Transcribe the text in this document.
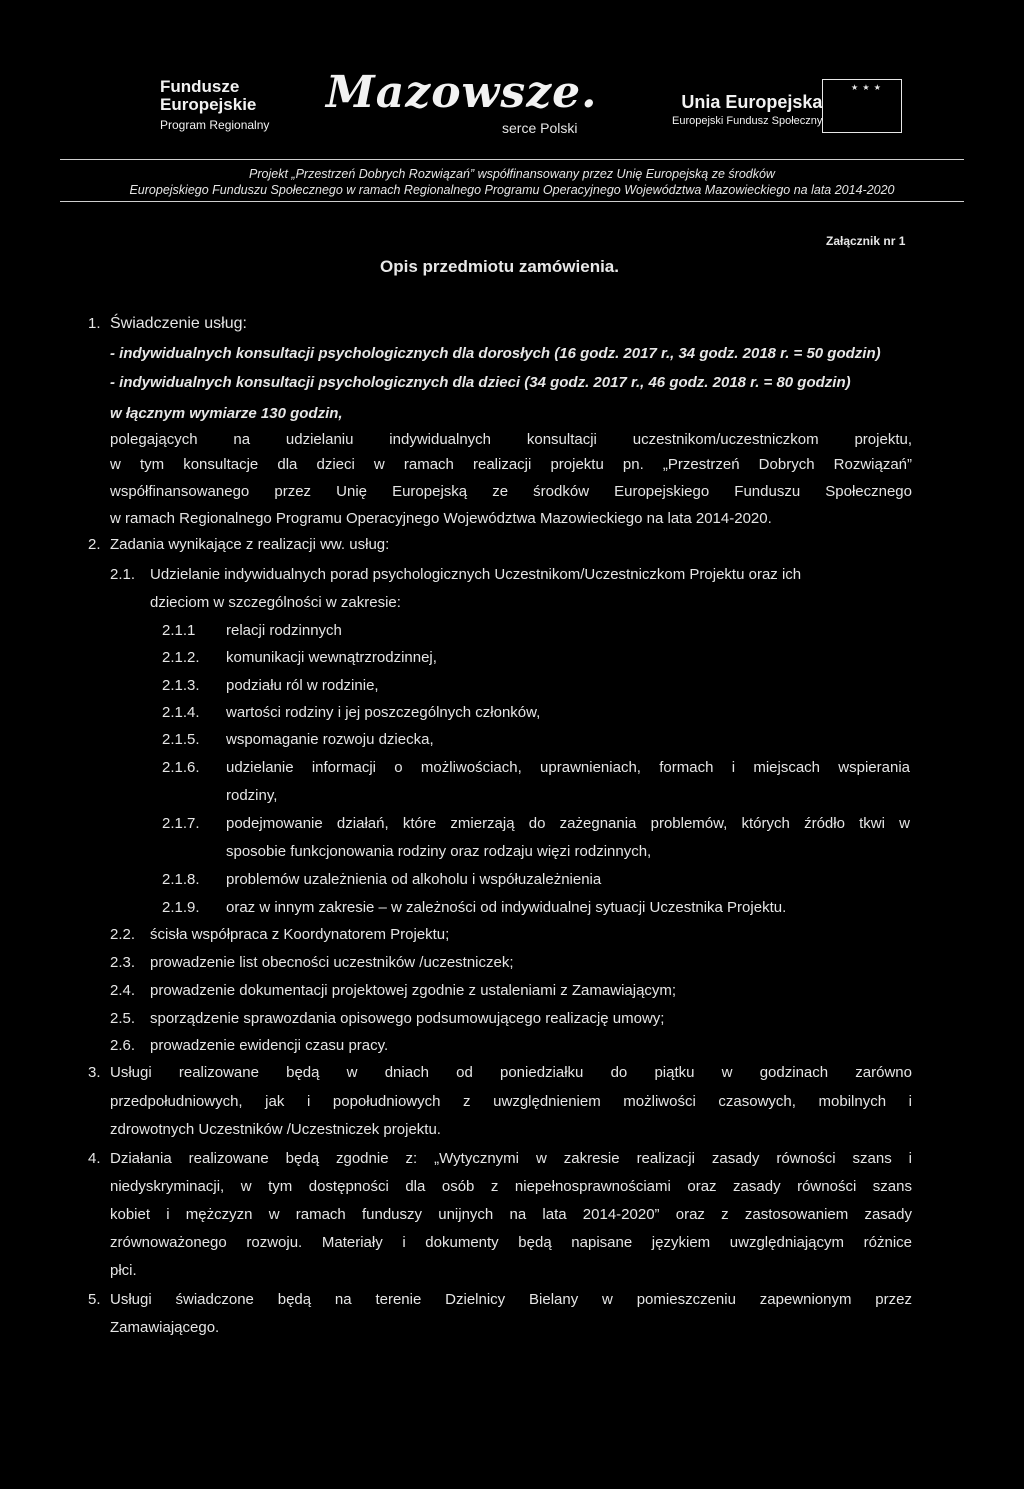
Fundusze
Europejskie
Program Regionalny
Mazowsze.
serce Polski
Unia Europejska
Europejski Fundusz Społeczny
★ ★ ★
Projekt „Przestrzeń Dobrych Rozwiązań” współfinansowany przez Unię Europejską ze środków
Europejskiego Funduszu Społecznego w ramach Regionalnego Programu Operacyjnego Województwa Mazowieckiego na lata 2014-2020
Załącznik nr 1
Opis przedmiotu zamówienia.
1. Świadczenie usług:
- indywidualnych konsultacji psychologicznych dla dorosłych (16 godz. 2017 r., 34 godz. 2018 r. = 50 godzin)
- indywidualnych konsultacji psychologicznych dla dzieci (34 godz. 2017 r., 46 godz. 2018 r. = 80 godzin)
w łącznym wymiarze 130 godzin,
polegających na udzielaniu indywidualnych konsultacji uczestnikom/uczestniczkom projektu,
w tym konsultacje dla dzieci w ramach realizacji projektu pn. „Przestrzeń Dobrych Rozwiązań”
współfinansowanego przez Unię Europejską ze środków Europejskiego Funduszu Społecznego
w ramach Regionalnego Programu Operacyjnego Województwa Mazowieckiego na lata 2014-2020.
2. Zadania wynikające z realizacji ww. usług:
2.1. Udzielanie indywidualnych porad psychologicznych Uczestnikom/Uczestniczkom Projektu oraz ich
dzieciom w szczególności w zakresie:
2.1.1 relacji rodzinnych
2.1.2. komunikacji wewnątrzrodzinnej,
2.1.3. podziału ról w rodzinie,
2.1.4. wartości rodziny i jej poszczególnych członków,
2.1.5. wspomaganie rozwoju dziecka,
2.1.6. udzielanie informacji o możliwościach, uprawnieniach, formach i miejscach wspierania
rodziny,
2.1.7. podejmowanie działań, które zmierzają do zażegnania problemów, których źródło tkwi w
sposobie funkcjonowania rodziny oraz rodzaju więzi rodzinnych,
2.1.8. problemów uzależnienia od alkoholu i współuzależnienia
2.1.9. oraz w innym zakresie – w zależności od indywidualnej sytuacji Uczestnika Projektu.
2.2. ścisła współpraca z Koordynatorem Projektu;
2.3. prowadzenie list obecności uczestników /uczestniczek;
2.4. prowadzenie dokumentacji projektowej zgodnie z ustaleniami z Zamawiającym;
2.5. sporządzenie sprawozdania opisowego podsumowującego realizację umowy;
2.6. prowadzenie ewidencji czasu pracy.
3. Usługi realizowane będą w dniach od poniedziałku do piątku w godzinach zarówno
przedpołudniowych, jak i popołudniowych z uwzględnieniem możliwości czasowych, mobilnych i
zdrowotnych Uczestników /Uczestniczek projektu.
4. Działania realizowane będą zgodnie z: „Wytycznymi w zakresie realizacji zasady równości szans i
niedyskryminacji, w tym dostępności dla osób z niepełnosprawnościami oraz zasady równości szans
kobiet i mężczyzn w ramach funduszy unijnych na lata 2014-2020” oraz z zastosowaniem zasady
zrównoważonego rozwoju. Materiały i dokumenty będą napisane językiem uwzględniającym różnice
płci.
5. Usługi świadczone będą na terenie Dzielnicy Bielany w pomieszczeniu zapewnionym przez
Zamawiającego.
